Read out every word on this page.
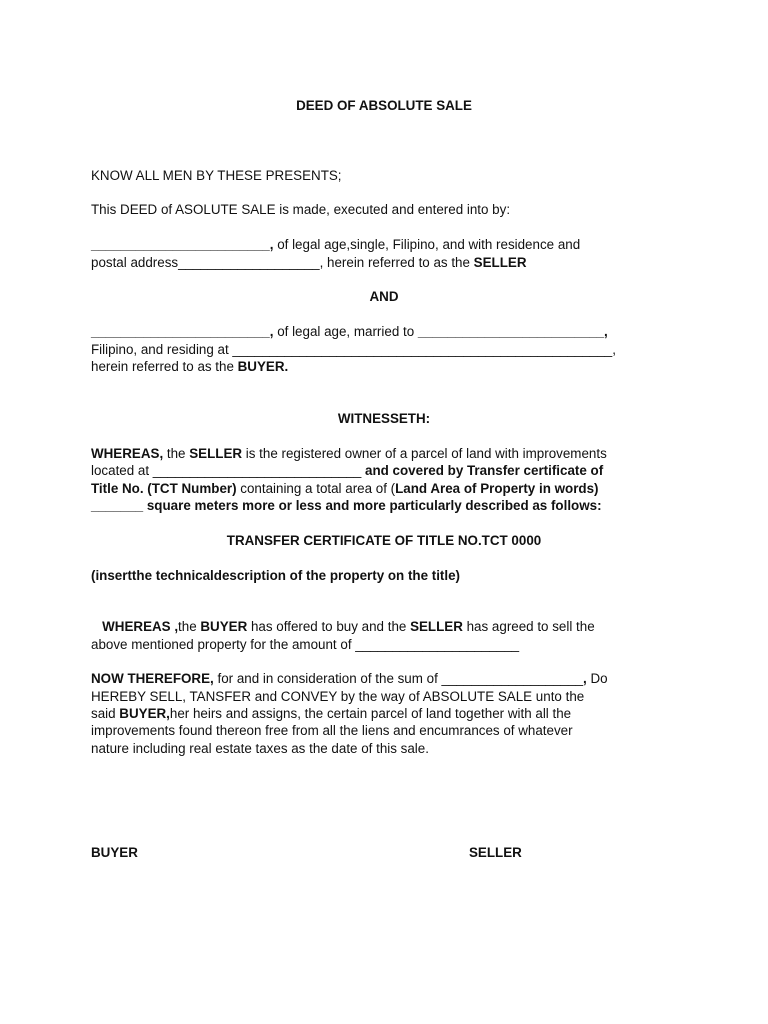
DEED OF ABSOLUTE SALE
KNOW ALL MEN BY THESE PRESENTS;
This DEED of ASOLUTE SALE is made, executed and entered into by:
________________________, of legal age,single, Filipino, and with residence and
postal address___________________, herein referred to as the SELLER
AND
________________________, of legal age, married to _________________________,
Filipino, and residing at ___________________________________________________,
herein referred to as the BUYER.
WITNESSETH:
WHEREAS, the SELLER is the registered owner of a parcel of land with improvements
located at ____________________________ and covered by Transfer certificate of
Title No. (TCT Number) containing a total area of (Land Area of Property in words)
_______ square meters more or less and more particularly described as follows:
TRANSFER CERTIFICATE OF TITLE NO.TCT 0000
(insertthe technicaldescription of the property on the title)
WHEREAS ,the BUYER has offered to buy and the SELLER has agreed to sell the
above mentioned property for the amount of ______________________
NOW THEREFORE, for and in consideration of the sum of ___________________, Do
HEREBY SELL, TANSFER and CONVEY by the way of ABSOLUTE SALE unto the
said BUYER,her heirs and assigns, the certain parcel of land together with all the
improvements found thereon free from all the liens and encumrances of whatever
nature including real estate taxes as the date of this sale.
BUYER	SELLER
